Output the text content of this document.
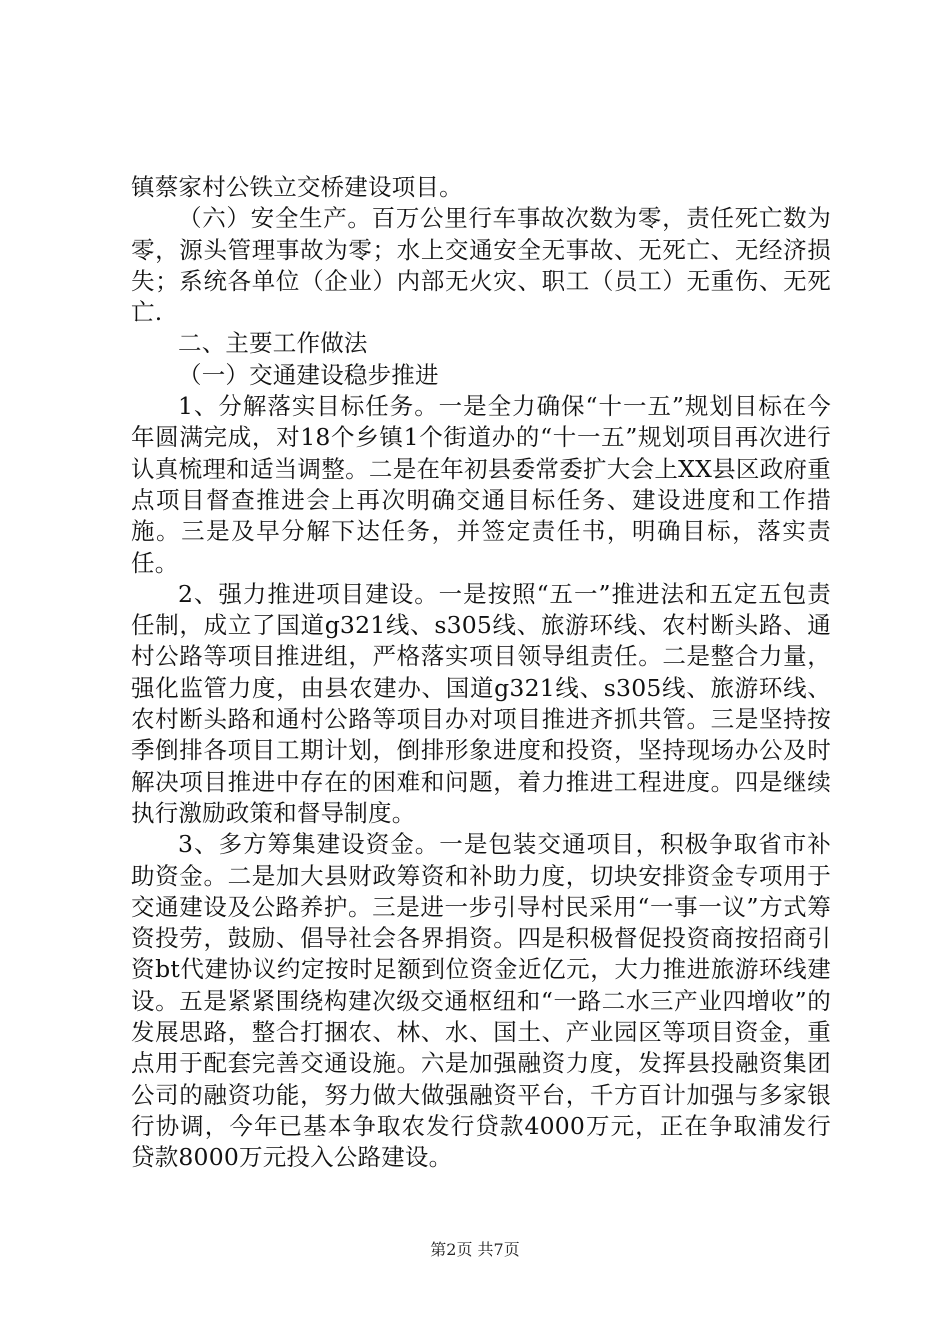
镇蔡家村公铁立交桥建设项目。

（六）安全生产。百万公里行车事故次数为零，责任死亡数为零，源头管理事故为零；水上交通安全无事故、无死亡、无经济损失；系统各单位（企业）内部无火灾、职工（员工）无重伤、无死亡.

二、主要工作做法

（一）交通建设稳步推进

1、分解落实目标任务。一是全力确保“十一五”规划目标在今年圆满完成，对18个乡镇1个街道办的“十一五”规划项目再次进行认真梳理和适当调整。二是在年初县委常委扩大会上XX县区政府重点项目督查推进会上再次明确交通目标任务、建设进度和工作措施。三是及早分解下达任务，并签定责任书，明确目标，落实责任。

2、强力推进项目建设。一是按照“五一”推进法和五定五包责任制，成立了国道g321线、s305线、旅游环线、农村断头路、通村公路等项目推进组，严格落实项目领导组责任。二是整合力量，强化监管力度，由县农建办、国道g321线、s305线、旅游环线、农村断头路和通村公路等项目办对项目推进齐抓共管。三是坚持按季倒排各项目工期计划，倒排形象进度和投资，坚持现场办公及时解决项目推进中存在的困难和问题，着力推进工程进度。四是继续执行激励政策和督导制度。

3、多方筹集建设资金。一是包装交通项目，积极争取省市补助资金。二是加大县财政筹资和补助力度，切块安排资金专项用于交通建设及公路养护。三是进一步引导村民采用“一事一议”方式筹资投劳，鼓励、倡导社会各界捐资。四是积极督促投资商按招商引资bt代建协议约定按时足额到位资金近亿元，大力推进旅游环线建设。五是紧紧围绕构建次级交通枢纽和“一路二水三产业四增收”的发展思路，整合打捆农、林、水、国土、产业园区等项目资金，重点用于配套完善交通设施。六是加强融资力度，发挥县投融资集团公司的融资功能，努力做大做强融资平台，千方百计加强与多家银行协调，今年已基本争取农发行贷款4000万元，正在争取浦发行贷款8000万元投入公路建设。

第2页 共7页
